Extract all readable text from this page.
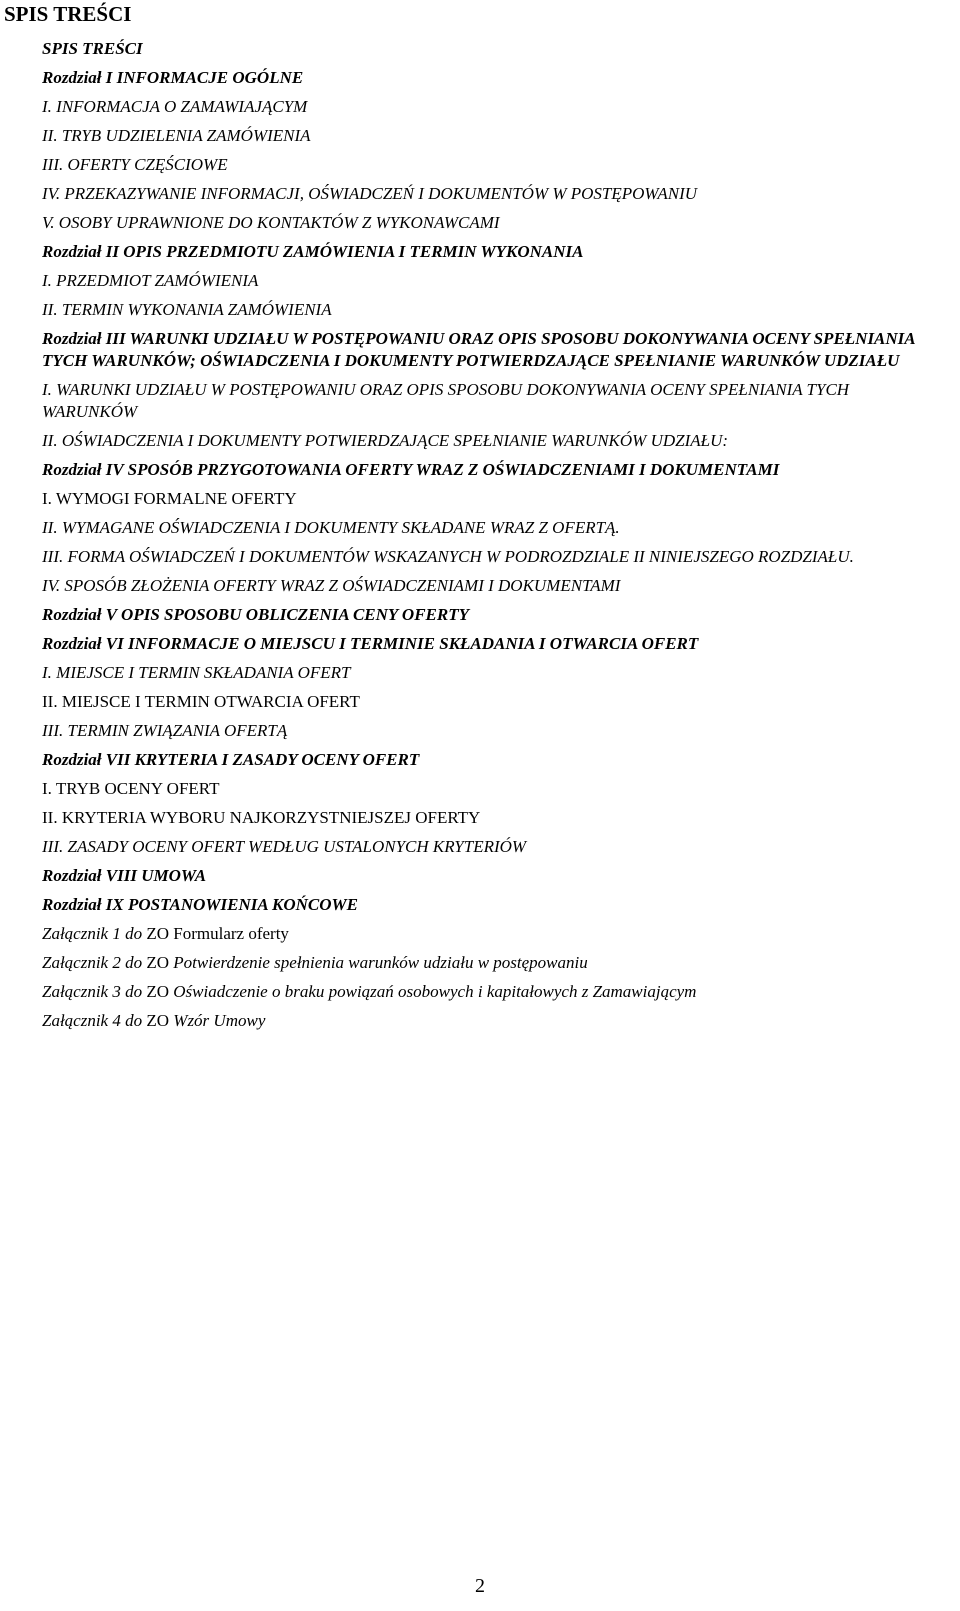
SPIS TREŚCI
SPIS TREŚCI
Rozdział I INFORMACJE OGÓLNE
I. INFORMACJA O ZAMAWIAJĄCYM
II. TRYB UDZIELENIA ZAMÓWIENIA
III. OFERTY CZĘŚCIOWE
IV. PRZEKAZYWANIE INFORMACJI, OŚWIADCZEŃ I DOKUMENTÓW W POSTĘPOWANIU
V. OSOBY UPRAWNIONE DO KONTAKTÓW Z WYKONAWCAMI
Rozdział II OPIS PRZEDMIOTU ZAMÓWIENIA I TERMIN WYKONANIA
I. PRZEDMIOT ZAMÓWIENIA
II. TERMIN WYKONANIA ZAMÓWIENIA
Rozdział III WARUNKI UDZIAŁU W POSTĘPOWANIU ORAZ OPIS SPOSOBU DOKONYWANIA OCENY SPEŁNIANIA TYCH WARUNKÓW; OŚWIADCZENIA I DOKUMENTY POTWIERDZAJĄCE SPEŁNIANIE WARUNKÓW UDZIAŁU
I. WARUNKI UDZIAŁU W POSTĘPOWANIU ORAZ OPIS SPOSOBU DOKONYWANIA OCENY SPEŁNIANIA TYCH WARUNKÓW
II. OŚWIADCZENIA I DOKUMENTY POTWIERDZAJĄCE SPEŁNIANIE WARUNKÓW UDZIAŁU:
Rozdział IV SPOSÓB PRZYGOTOWANIA OFERTY WRAZ Z OŚWIADCZENIAMI I DOKUMENTAMI
I. WYMOGI FORMALNE OFERTY
II. WYMAGANE OŚWIADCZENIA I DOKUMENTY SKŁADANE WRAZ Z OFERTĄ.
III. FORMA OŚWIADCZEŃ I DOKUMENTÓW WSKAZANYCH W PODROZDZIALE II NINIEJSZEGO ROZDZIAŁU.
IV. SPOSÓB ZŁOŻENIA OFERTY WRAZ Z OŚWIADCZENIAMI I DOKUMENTAMI
Rozdział V OPIS SPOSOBU OBLICZENIA CENY OFERTY
Rozdział VI INFORMACJE O MIEJSCU I TERMINIE SKŁADANIA I OTWARCIA OFERT
I. MIEJSCE I TERMIN SKŁADANIA OFERT
II. MIEJSCE I TERMIN OTWARCIA OFERT
III. TERMIN ZWIĄZANIA OFERTĄ
Rozdział VII KRYTERIA I ZASADY OCENY OFERT
I. TRYB OCENY OFERT
II. KRYTERIA WYBORU NAJKORZYSTNIEJSZEJ OFERTY
III. ZASADY OCENY OFERT WEDŁUG USTALONYCH KRYTERIÓW
Rozdział VIII UMOWA
Rozdział IX POSTANOWIENIA KOŃCOWE
Załącznik 1 do ZO Formularz oferty
Załącznik 2 do ZO Potwierdzenie spełnienia warunków udziału w postępowaniu
Załącznik 3 do ZO Oświadczenie o braku powiązań osobowych i kapitałowych z Zamawiającym
Załącznik 4 do ZO Wzór Umowy
2
